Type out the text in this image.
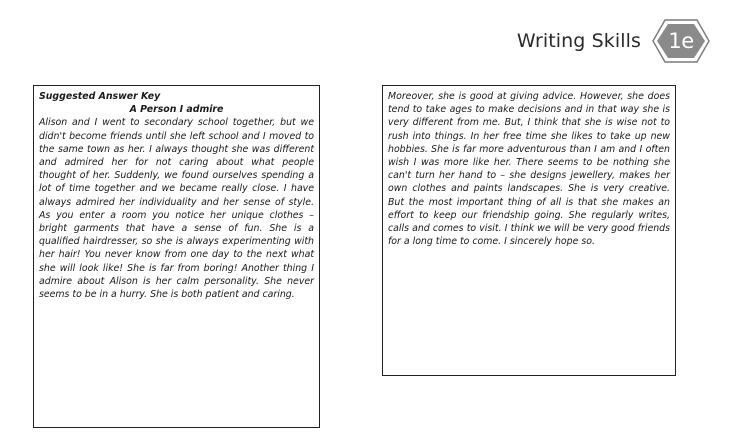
Writing Skills	1e

Suggested Answer Key

A Person I admire

Alison and I went to secondary school together, but we didn't become friends until she left school and I moved to the same town as her. I always thought she was different and admired her for not caring about what people thought of her. Suddenly, we found ourselves spending a lot of time together and we became really close. I have always admired her individuality and her sense of style. As you enter a room you notice her unique clothes – bright garments that have a sense of fun. She is a qualified hairdresser, so she is always experimenting with her hair! You never know from one day to the next what she will look like! She is far from boring! Another thing I admire about Alison is her calm personality. She never seems to be in a hurry. She is both patient and caring.

Moreover, she is good at giving advice. However, she does tend to take ages to make decisions and in that way she is very different from me. But, I think that she is wise not to rush into things. In her free time she likes to take up new hobbies. She is far more adventurous than I am and I often wish I was more like her. There seems to be nothing she can't turn her hand to – she designs jewellery, makes her own clothes and paints landscapes. She is very creative. But the most important thing of all is that she makes an effort to keep our friendship going. She regularly writes, calls and comes to visit. I think we will be very good friends for a long time to come. I sincerely hope so.
